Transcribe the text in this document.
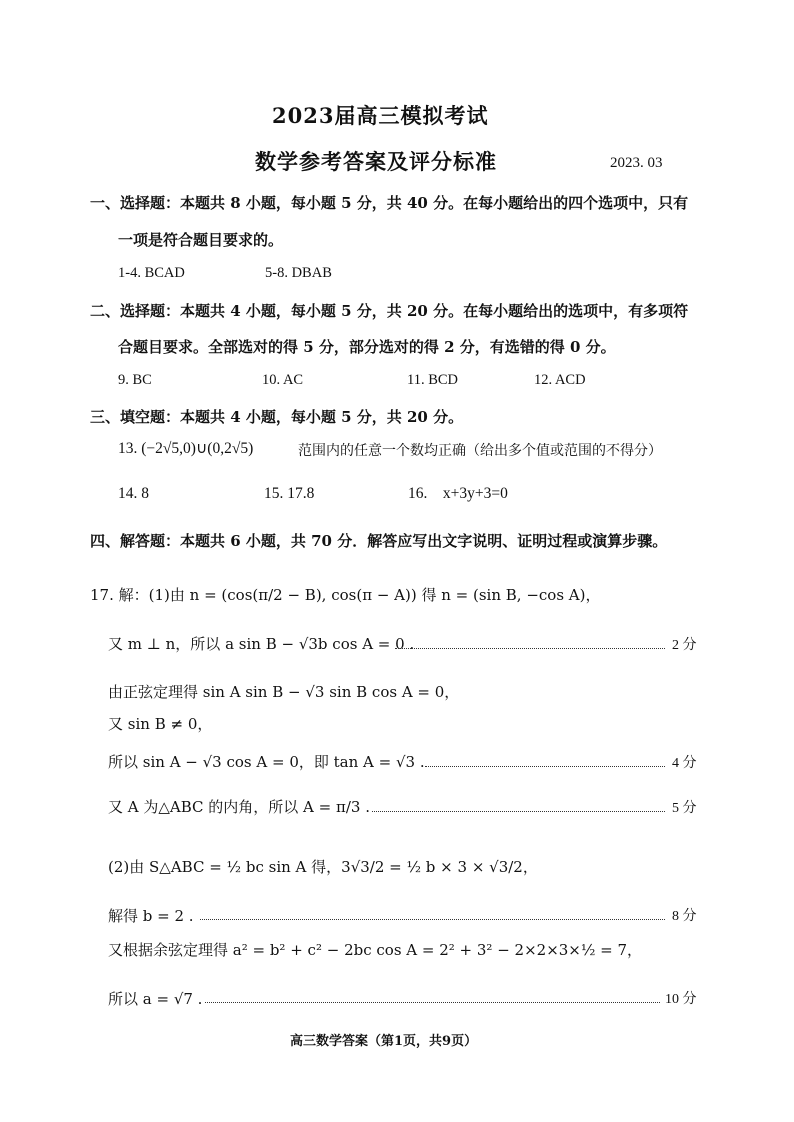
2023届高三模拟考试
数学参考答案及评分标准	2023. 03
一、选择题：本题共 8 小题，每小题 5 分，共 40 分。在每小题给出的四个选项中，只有
一项是符合题目要求的。
1-4. BCAD	5-8. DBAB
二、选择题：本题共 4 小题，每小题 5 分，共 20 分。在每小题给出的选项中，有多项符
合题目要求。全部选对的得 5 分，部分选对的得 2 分，有选错的得 0 分。
9. BC	10. AC	11. BCD	12. ACD
三、填空题：本题共 4 小题，每小题 5 分，共 20 分。
13. (−2√5,0)∪(0,2√5)	范围内的任意一个数均正确（给出多个值或范围的不得分）
14. 8	15. 17.8	16.    x+3y+3=0
四、解答题：本题共 6 小题，共 70 分．解答应写出文字说明、证明过程或演算步骤。
17. 解：(1)由 n = (cos(π/2 − B), cos(π − A)) 得 n = (sin B, −cos A)，
又 m ⊥ n，所以 a sin B − √3b cos A = 0 .	2 分
由正弦定理得 sin A sin B − √3 sin B cos A = 0，
又 sin B ≠ 0，
所以 sin A − √3 cos A = 0，即 tan A = √3 .	4 分
又 A 为△ABC 的内角，所以 A = π/3 .	5 分
(2)由 S△ABC = ½ bc sin A 得，3√3/2 = ½ b × 3 × √3/2，
解得 b = 2 .	8 分
又根据余弦定理得 a² = b² + c² − 2bc cos A = 2² + 3² − 2×2×3×½ = 7，
所以 a = √7 .	10 分
高三数学答案（第1页，共9页）
